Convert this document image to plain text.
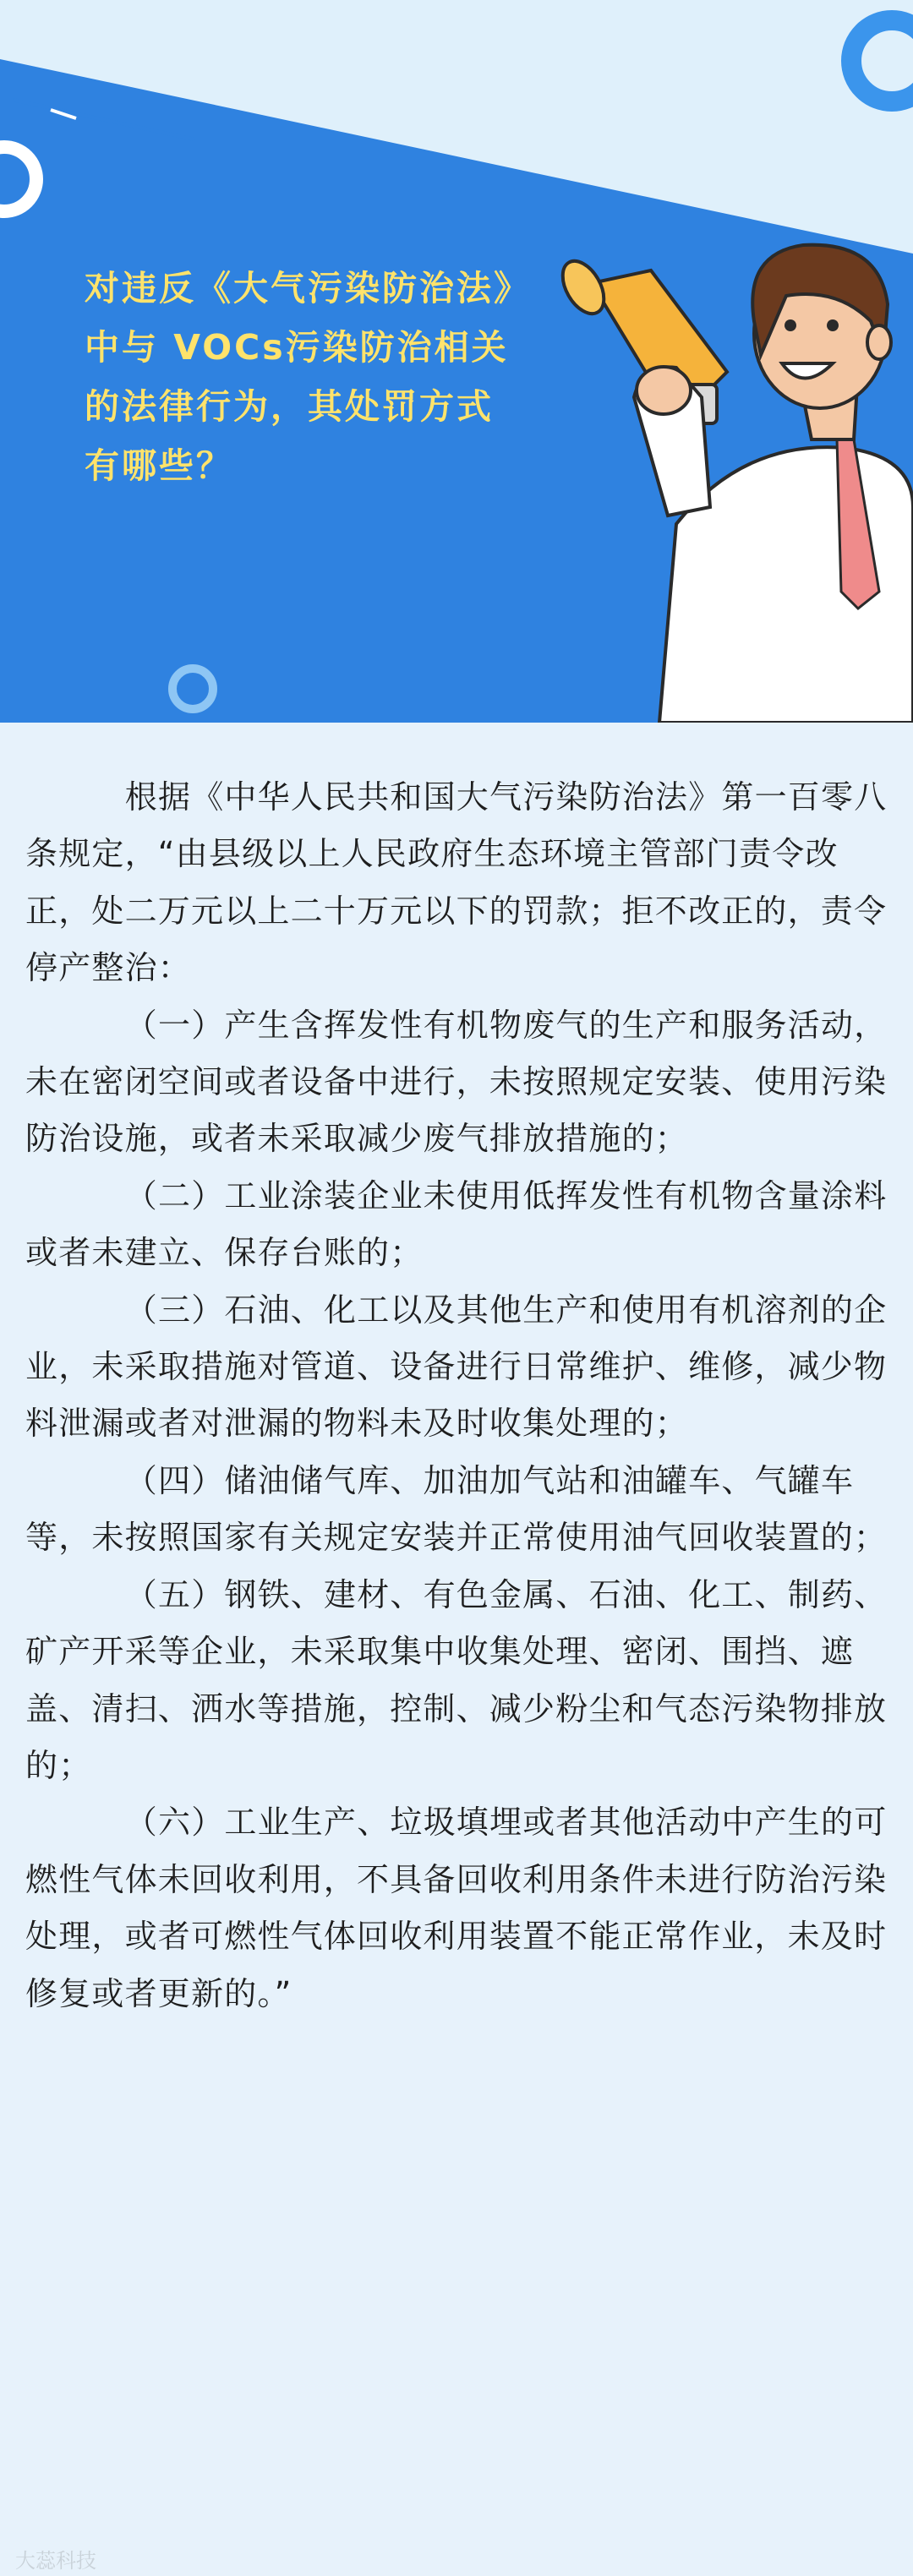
对违反《大气污染防治法》中与 VOCs污染防治相关的法律行为，其处罚方式有哪些？

根据《中华人民共和国大气污染防治法》第一百零八条规定，“由县级以上人民政府生态环境主管部门责令改正，处二万元以上二十万元以下的罚款；拒不改正的，责令停产整治：

（一）产生含挥发性有机物废气的生产和服务活动，未在密闭空间或者设备中进行，未按照规定安装、使用污染防治设施，或者未采取减少废气排放措施的；

（二）工业涂装企业未使用低挥发性有机物含量涂料或者未建立、保存台账的；

（三）石油、化工以及其他生产和使用有机溶剂的企业，未采取措施对管道、设备进行日常维护、维修，减少物料泄漏或者对泄漏的物料未及时收集处理的；

（四）储油储气库、加油加气站和油罐车、气罐车等，未按照国家有关规定安装并正常使用油气回收装置的；

（五）钢铁、建材、有色金属、石油、化工、制药、矿产开采等企业，未采取集中收集处理、密闭、围挡、遮盖、清扫、洒水等措施，控制、减少粉尘和气态污染物排放的；

（六）工业生产、垃圾填埋或者其他活动中产生的可燃性气体未回收利用，不具备回收利用条件未进行防治污染处理，或者可燃性气体回收利用装置不能正常作业，未及时修复或者更新的。”

大蕊科技
